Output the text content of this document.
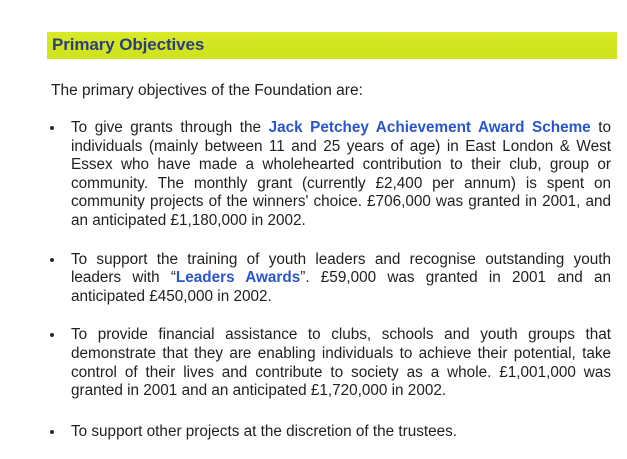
Primary Objectives
The primary objectives of the Foundation are:
To give grants through the Jack Petchey Achievement Award Scheme to individuals (mainly between 11 and 25 years of age) in East London & West Essex who have made a wholehearted contribution to their club, group or community. The monthly grant (currently £2,400 per annum) is spent on community projects of the winners' choice. £706,000 was granted in 2001, and an anticipated £1,180,000 in 2002.
To support the training of youth leaders and recognise outstanding youth leaders with “Leaders Awards”. £59,000 was granted in 2001 and an anticipated £450,000 in 2002.
To provide financial assistance to clubs, schools and youth groups that demonstrate that they are enabling individuals to achieve their potential, take control of their lives and contribute to society as a whole. £1,001,000 was granted in 2001 and an anticipated £1,720,000 in 2002.
To support other projects at the discretion of the trustees.
